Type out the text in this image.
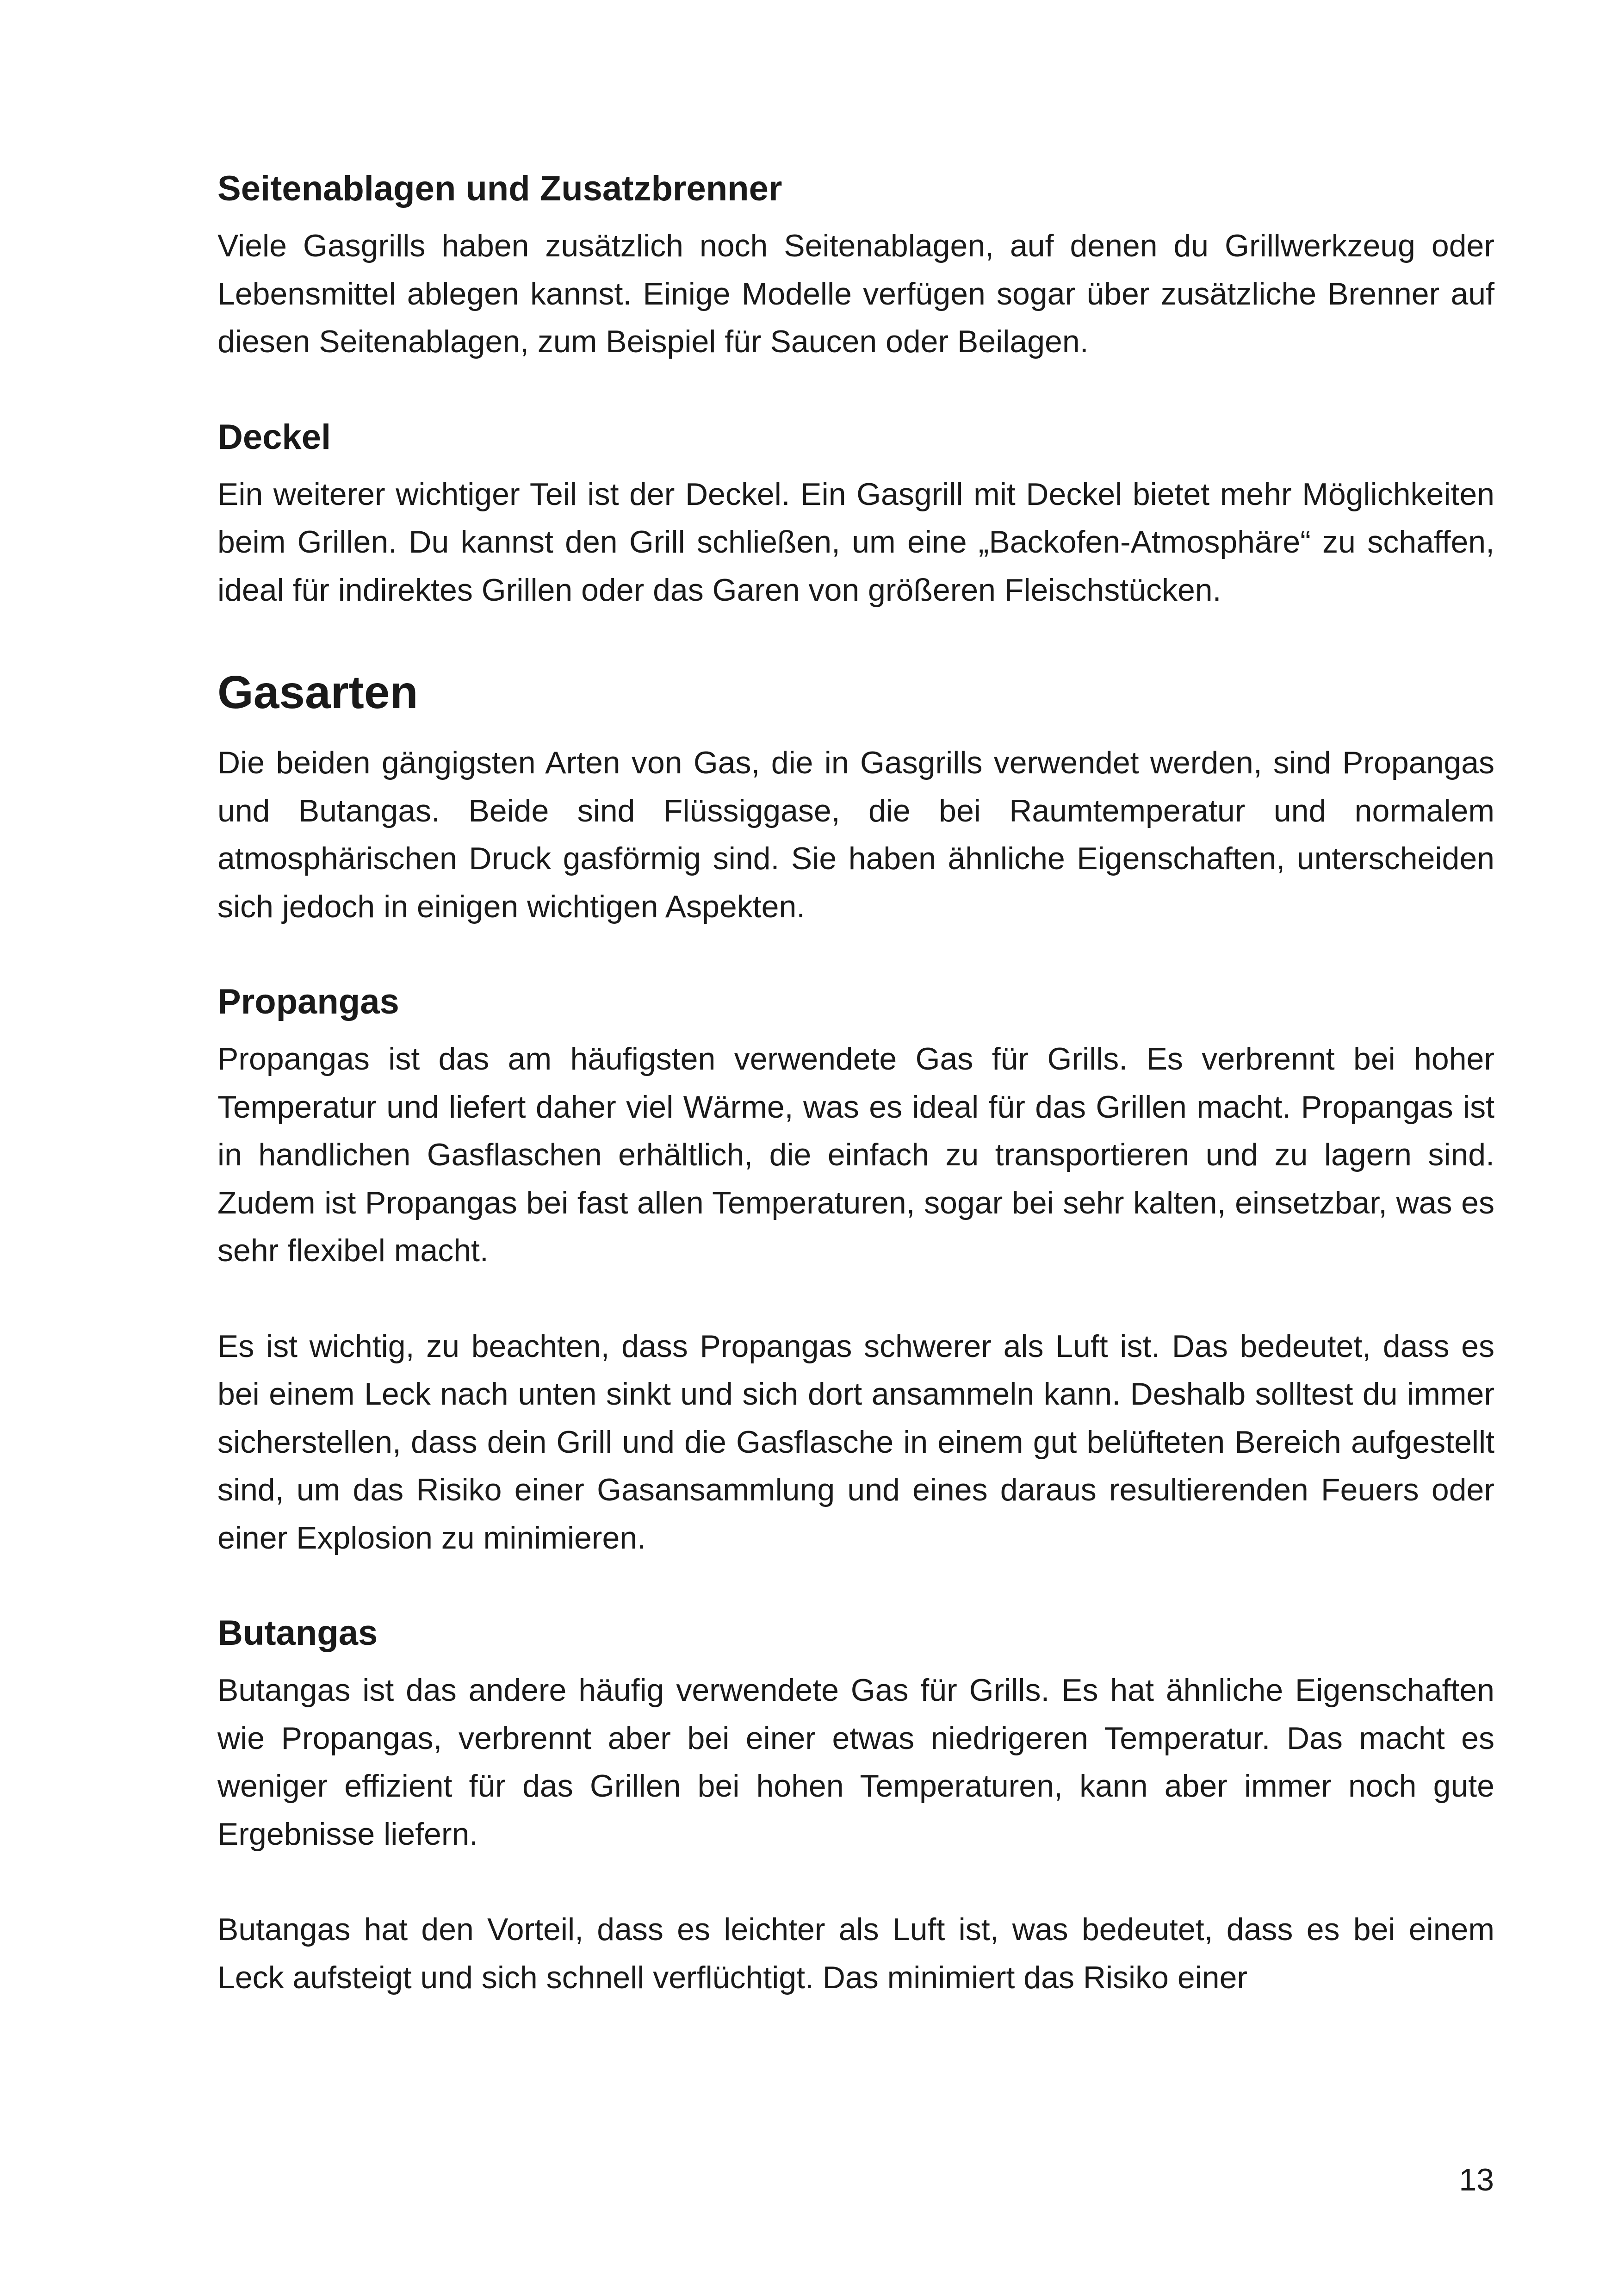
Seitenablagen und Zusatzbrenner

Viele Gasgrills haben zusätzlich noch Seitenablagen, auf denen du Grillwerkzeug oder Lebensmittel ablegen kannst. Einige Modelle verfügen sogar über zusätzliche Brenner auf diesen Seitenablagen, zum Beispiel für Saucen oder Beilagen.

Deckel

Ein weiterer wichtiger Teil ist der Deckel. Ein Gasgrill mit Deckel bietet mehr Möglichkeiten beim Grillen. Du kannst den Grill schließen, um eine „Backofen-Atmosphäre“ zu schaffen, ideal für indirektes Grillen oder das Garen von größeren Fleischstücken.

Gasarten

Die beiden gängigsten Arten von Gas, die in Gasgrills verwendet werden, sind Propangas und Butangas. Beide sind Flüssiggase, die bei Raumtemperatur und normalem atmosphärischen Druck gasförmig sind. Sie haben ähnliche Eigenschaften, unterscheiden sich jedoch in einigen wichtigen Aspekten.

Propangas

Propangas ist das am häufigsten verwendete Gas für Grills. Es verbrennt bei hoher Temperatur und liefert daher viel Wärme, was es ideal für das Grillen macht. Propangas ist in handlichen Gasflaschen erhältlich, die einfach zu transportieren und zu lagern sind. Zudem ist Propangas bei fast allen Temperaturen, sogar bei sehr kalten, einsetzbar, was es sehr flexibel macht.

Es ist wichtig, zu beachten, dass Propangas schwerer als Luft ist. Das bedeutet, dass es bei einem Leck nach unten sinkt und sich dort ansammeln kann. Deshalb solltest du immer sicherstellen, dass dein Grill und die Gasflasche in einem gut belüfteten Bereich aufgestellt sind, um das Risiko einer Gasansammlung und eines daraus resultierenden Feuers oder einer Explosion zu minimieren.

Butangas

Butangas ist das andere häufig verwendete Gas für Grills. Es hat ähnliche Eigenschaften wie Propangas, verbrennt aber bei einer etwas niedrigeren Temperatur. Das macht es weniger effizient für das Grillen bei hohen Temperaturen, kann aber immer noch gute Ergebnisse liefern.

Butangas hat den Vorteil, dass es leichter als Luft ist, was bedeutet, dass es bei einem Leck aufsteigt und sich schnell verflüchtigt. Das minimiert das Risiko einer

13
